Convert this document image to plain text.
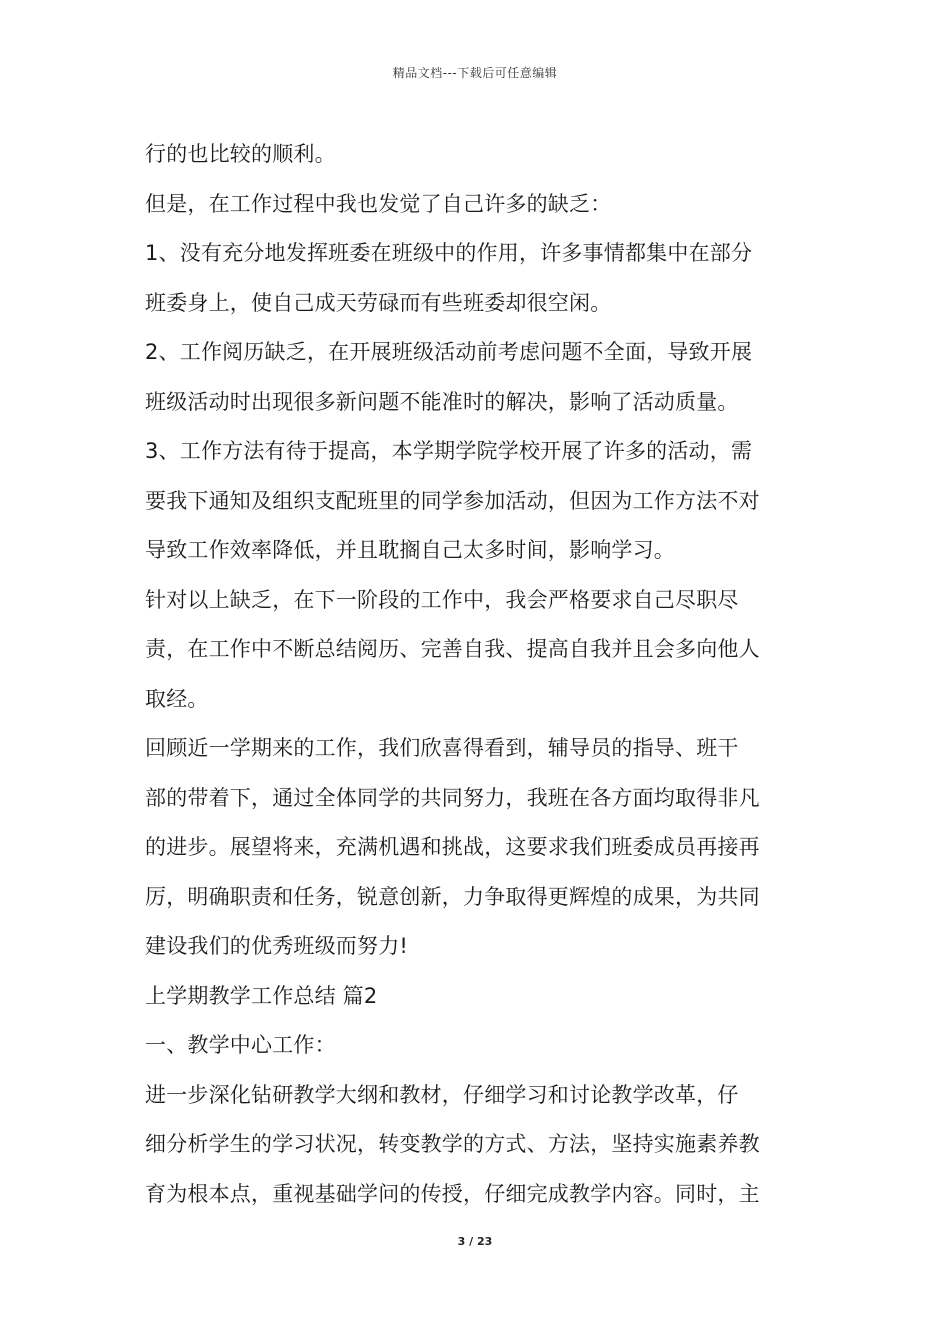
精品文档---下载后可任意编辑
行的也比较的顺利。
但是，在工作过程中我也发觉了自己许多的缺乏：
1、没有充分地发挥班委在班级中的作用，许多事情都集中在部分
班委身上，使自己成天劳碌而有些班委却很空闲。
2、工作阅历缺乏，在开展班级活动前考虑问题不全面，导致开展
班级活动时出现很多新问题不能准时的解决，影响了活动质量。
3、工作方法有待于提高，本学期学院学校开展了许多的活动，需
要我下通知及组织支配班里的同学参加活动，但因为工作方法不对
导致工作效率降低，并且耽搁自己太多时间，影响学习。
针对以上缺乏，在下一阶段的工作中，我会严格要求自己尽职尽
责，在工作中不断总结阅历、完善自我、提高自我并且会多向他人
取经。
回顾近一学期来的工作，我们欣喜得看到，辅导员的指导、班干
部的带着下，通过全体同学的共同努力，我班在各方面均取得非凡
的进步。展望将来，充满机遇和挑战，这要求我们班委成员再接再
厉，明确职责和任务，锐意创新，力争取得更辉煌的成果，为共同
建设我们的优秀班级而努力!
上学期教学工作总结 篇2
一、教学中心工作：
进一步深化钻研教学大纲和教材，仔细学习和讨论教学改革，仔
细分析学生的学习状况，转变教学的方式、方法，坚持实施素养教
育为根本点，重视基础学问的传授，仔细完成教学内容。同时，主
3 / 23
